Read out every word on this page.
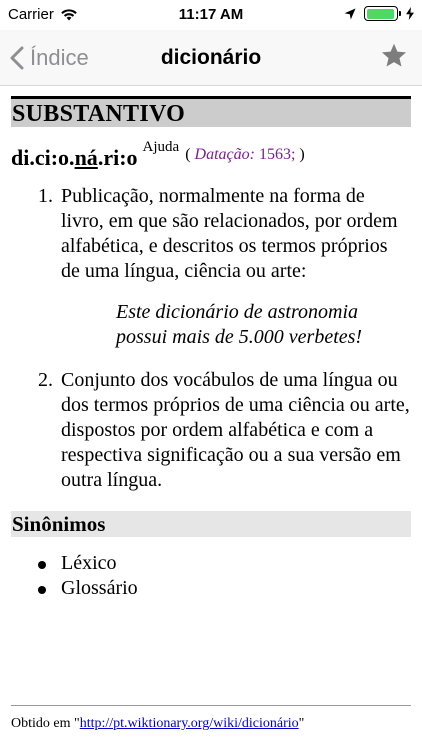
Carrier	11:17 AM
Índice	dicionário
SUBSTANTIVO
di.ci:o.ná.ri:o Ajuda ( Datação: 1563; )
1. Publicação, normalmente na forma de livro, em que são relacionados, por ordem alfabética, e descritos os termos próprios de uma língua, ciência ou arte:
Este dicionário de astronomia possui mais de 5.000 verbetes!
2. Conjunto dos vocábulos de uma língua ou dos termos próprios de uma ciência ou arte, dispostos por ordem alfabética e com a respectiva significação ou a sua versão em outra língua.
Sinônimos
Léxico
Glossário
Obtido em "http://pt.wiktionary.org/wiki/dicionário"
